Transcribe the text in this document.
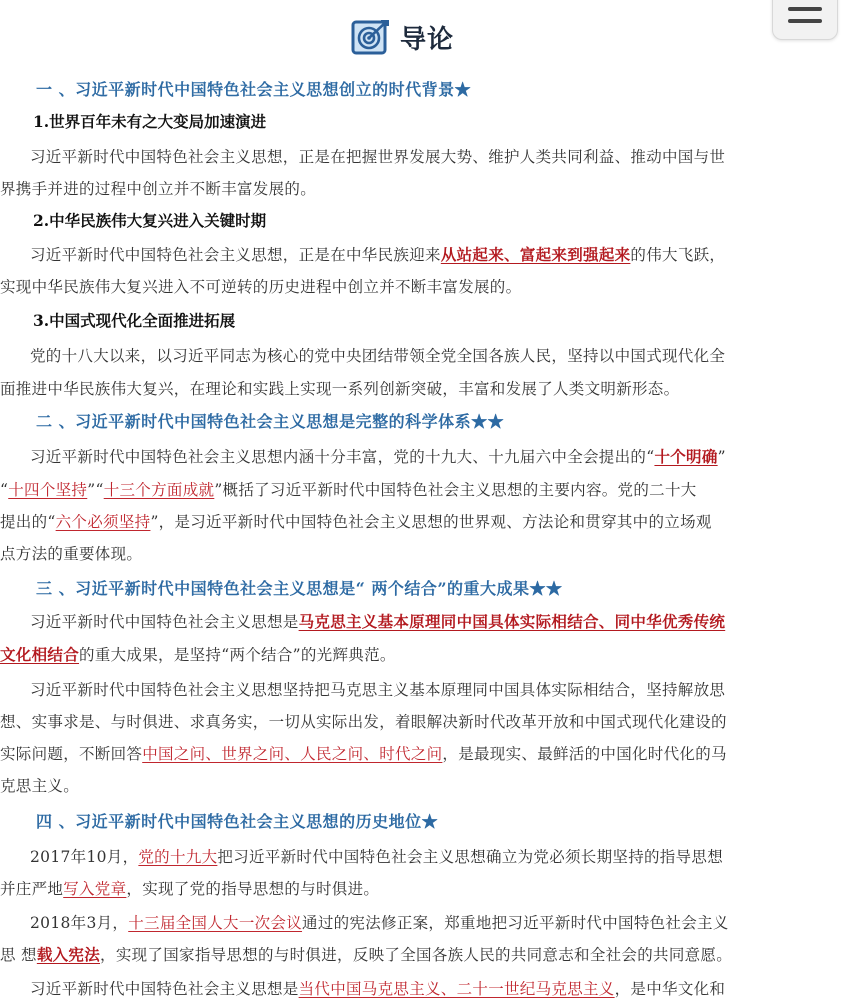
导论
一 、习近平新时代中国特色社会主义思想创立的时代背景★
1.世界百年未有之大变局加速演进
习近平新时代中国特色社会主义思想，正是在把握世界发展大势、维护人类共同利益、推动中国与世
界携手并进的过程中创立并不断丰富发展的。
2.中华民族伟大复兴进入关键时期
习近平新时代中国特色社会主义思想，正是在中华民族迎来从站起来、富起来到强起来的伟大飞跃，
实现中华民族伟大复兴进入不可逆转的历史进程中创立并不断丰富发展的。
3.中国式现代化全面推进拓展
党的十八大以来，以习近平同志为核心的党中央团结带领全党全国各族人民，坚持以中国式现代化全
面推进中华民族伟大复兴，在理论和实践上实现一系列创新突破，丰富和发展了人类文明新形态。
二 、习近平新时代中国特色社会主义思想是完整的科学体系★★
习近平新时代中国特色社会主义思想内涵十分丰富，党的十九大、十九届六中全会提出的“十个明确”
“十四个坚持”“十三个方面成就”概括了习近平新时代中国特色社会主义思想的主要内容。党的二十大
提出的“六个必须坚持”，是习近平新时代中国特色社会主义思想的世界观、方法论和贯穿其中的立场观
点方法的重要体现。
三 、习近平新时代中国特色社会主义思想是“ 两个结合”的重大成果★★
习近平新时代中国特色社会主义思想是马克思主义基本原理同中国具体实际相结合、同中华优秀传统
文化相结合的重大成果，是坚持“两个结合”的光辉典范。
习近平新时代中国特色社会主义思想坚持把马克思主义基本原理同中国具体实际相结合，坚持解放思
想、实事求是、与时俱进、求真务实，一切从实际出发，着眼解决新时代改革开放和中国式现代化建设的
实际问题，不断回答中国之问、世界之问、人民之问、时代之问，是最现实、最鲜活的中国化时代化的马
克思主义。
四 、习近平新时代中国特色社会主义思想的历史地位★
2017年10月，党的十九大把习近平新时代中国特色社会主义思想确立为党必须长期坚持的指导思想
并庄严地写入党章，实现了党的指导思想的与时俱进。
2018年3月，十三届全国人大一次会议通过的宪法修正案，郑重地把习近平新时代中国特色社会主义
思 想载入宪法，实现了国家指导思想的与时俱进，反映了全国各族人民的共同意志和全社会的共同意愿。
习近平新时代中国特色社会主义思想是当代中国马克思主义、二十一世纪马克思主义，是中华文化和
